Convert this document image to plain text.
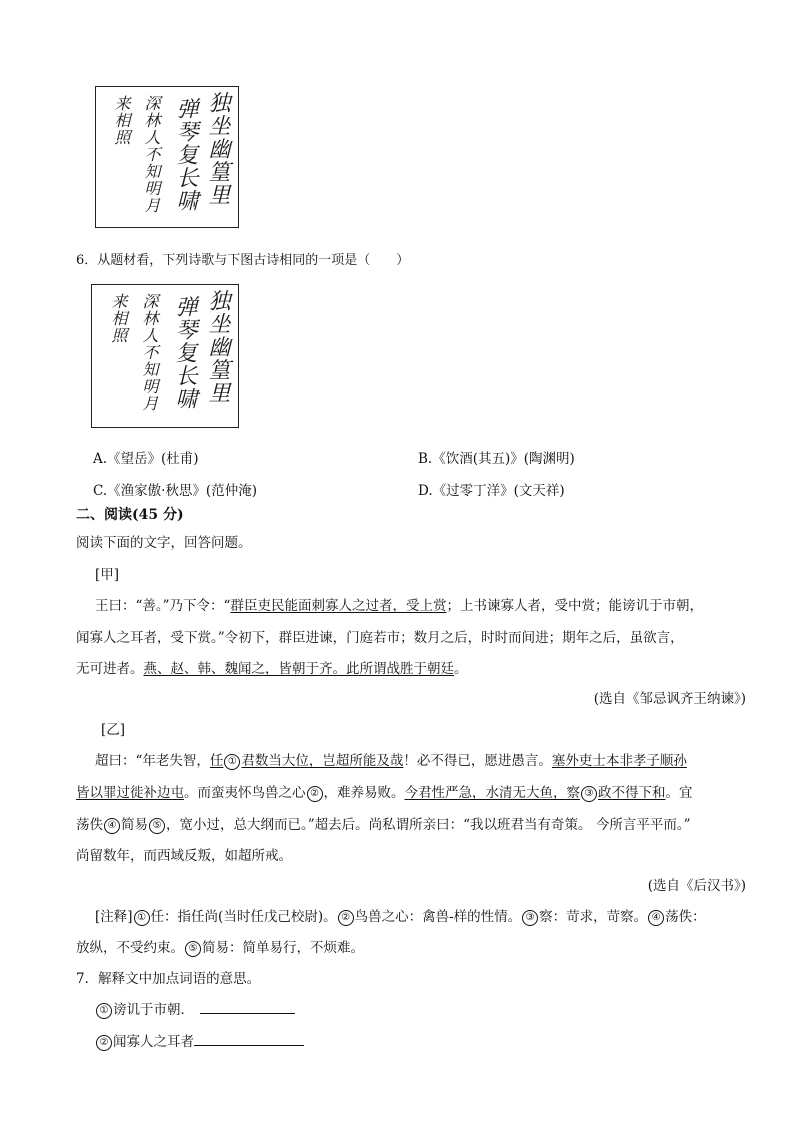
独坐幽篁里
弹琴复长啸
深林人不知明月
来相照
6．从题材看，下列诗歌与下图古诗相同的一项是（　　）
独坐幽篁里
弹琴复长啸
深林人不知明月
来相照
A.《望岳》(杜甫)	B.《饮酒(其五)》(陶渊明)
C.《渔家傲·秋思》(范仲淹)	D.《过零丁洋》(文天祥)
二、阅读(45 分)
阅读下面的文字，回答问题。
[甲]
王曰：“善。”乃下令：“群臣吏民能面刺寡人之过者，受上赏；上书谏寡人者，受中赏；能谤讥于市朝，
闻寡人之耳者，受下赏。”令初下，群臣进谏，门庭若市；数月之后，时时而间进；期年之后，虽欲言，
无可进者。燕、赵、韩、魏闻之，皆朝于齐。此所谓战胜于朝廷。
(选自《邹忌讽齐王纳谏》)
[乙]
超曰：“年老失智，任 ① 君数当大位，岂超所能及哉！必不得已，愿进愚言。塞外吏士本非孝子顺孙
皆以罪过徙补边屯。而蛮夷怀鸟兽之心 ② ，难养易败。今君性严急，水清无大鱼，察 ③ 政不得下和。宜
荡佚 ④ 简易 ⑤ ，宽小过，总大纲而已。”超去后。尚私谓所亲曰：“我以班君当有奇策。 今所言平平而。”
尚留数年，而西域反叛，如超所戒。
(选自《后汉书》)
[注释] ① 任：指任尚(当时任戊己校尉)。 ② 鸟兽之心：禽兽-样的性情。 ③ 察：苛求，苛察。 ④ 荡佚：
放纵，不受约束。 ⑤ 简易：简单易行，不烦难。
7．解释文中加点词语的意思。
① 谤讥于市朝．
② 闻寡人之耳者
